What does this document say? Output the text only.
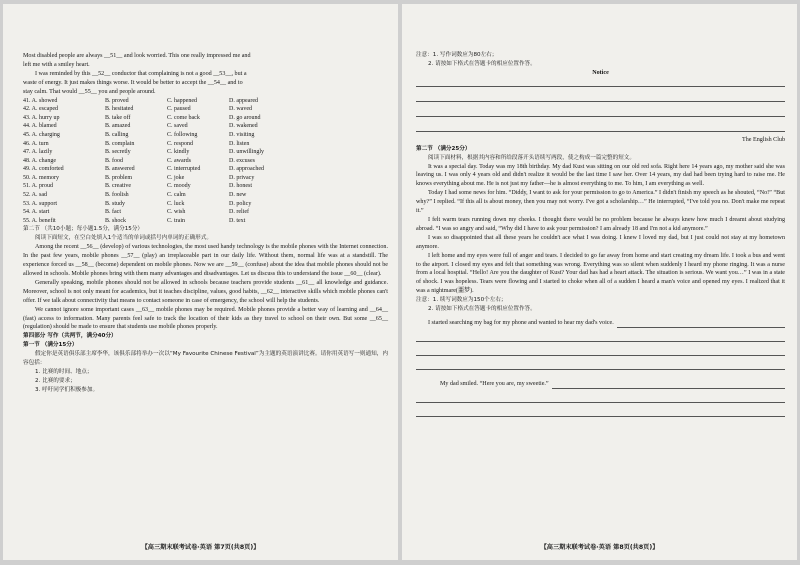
Most disabled people are always __51__ and look worried. This one really impressed me and

left me with a smiley heart.

I was reminded by this __52__ conductor that complaining is not a good __53__, but a

waste of energy. It just makes things worse. It would be better to accept the __54__ and to

stay calm. That would __55__ you and people around.

41. A. showed	B. proved	C. happened	D. appeared
42. A. escaped	B. hesitated	C. paused	D. waved
43. A. hurry up	B. take off	C. come back	D. go around
44. A. blamed	B. amazed	C. saved	D. wakened
45. A. charging	B. calling	C. following	D. visiting
46. A. turn	B. complain	C. respond	D. listen
47. A. lazily	B. secretly	C. kindly	D. unwillingly
48. A. change	B. food	C. awards	D. excuses
49. A. comforted	B. answered	C. interrupted	D. approached
50. A. memory	B. problem	C. joke	D. privacy
51. A. proud	B. creative	C. moody	D. honest
52. A. sad	B. foolish	C. calm	D. new
53. A. support	B. study	C. luck	D. policy
54. A. start	B. fact	C. wish	D. relief
55. A. benefit	B. shock	C. train	D. text

第二节 （共10小题；每小题1.5分，满分15分）

阅读下面短文，在空白处填入1个适当的单词或括号内单词的正确形式。

Among the recent __56__ (develop) of various technologies, the most used handy technology is the mobile phones with the Internet connection. In the past few years, mobile phones __57__ (play) an irreplaceable part in our daily life. Without them, normal life was at a standstill. The experience forced us __58__ (become) dependent on mobile phones. Now we are __59__ (confuse) about the idea that mobile phones should not be allowed in schools. Mobile phones bring with them many advantages and disadvantages. Let us discuss this to understand the issue __60__ (clear).

Generally speaking, mobile phones should not be allowed in schools because teachers provide students __61__ all knowledge and guidance. Moreover, school is not only meant for academics, but it teaches discipline, values, good habits, __62__ interactive skills which mobile phones can't offer. If we talk about connectivity that means to contact someone in case of emergency, the school will help the students.

We cannot ignore some important cases __63__ mobile phones may be required. Mobile phones provide a better way of learning and __64__ (fast) access to information. Many parents feel safe to track the location of their kids as they travel to school on their own. But some __65__ (regulation) should be made to ensure that students use mobile phones properly.

第四部分 写作（共两节，满分40分）

第一节 （满分15分）

假定你是英语俱乐部主席李华，该俱乐部将举办一次以“My Favourite Chinese Festival”为主题的英语演讲比赛。请你用英语写一则通知，内容包括：

1. 比赛的时间、地点；

2. 比赛的要求；

3. 呼吁同学们积极参加。

【高三期末联考试卷·英语 第7页(共8页)】

注意：1. 写作词数应为80左右；

2. 请按如下格式在答题卡的相应位置作答。

Notice

The English Club

第二节 （满分25分）

阅读下面材料，根据其内容和所给段落开头语续写两段，使之构成一篇完整的短文。

It was a special day. Today was my 18th birthday. My dad Kust was sitting on our old red sofa. Right here 14 years ago, my mother said she was leaving us. I was only 4 years old and didn't realize it would be the last time I saw her. Over 14 years, my dad had been trying hard to raise me. He knows everything about me. He is not just my father—he is almost everything to me. To him, I am everything as well.

Today I had some news for him. “Diddy, I want to ask for your permission to go to America.” I didn't finish my speech as he shouted, “No!” “But why?” I replied. “If this all is about money, then you may not worry. I've got a scholarship…” He interrupted, “I've told you no. Don't make me repeat it.”

I felt warm tears running down my cheeks. I thought there would be no problem because he always knew how much I dreamt about studying abroad. “I was so angry and said, “Why did I have to ask your permission? I am already 18 and I'm not a kid anymore.”

I was so disappointed that all these years he couldn't ace what I was doing. I knew I loved my dad, but I just could not stay at my hometown anymore.

I left home and my eyes were full of anger and tears. I decided to go far away from home and start creating my dream life. I took a bus and went to the airport. I closed my eyes and felt that something was wrong. Everything was so silent when suddenly I heard my phone ringing. It was a nurse from a local hospital. “Hello! Are you the daughter of Kust? Your dad has had a heart attack. The situation is serious. We want you…” I was in a state of shock. I was hopeless. Tears were flowing and I started to choke when all of a sudden I heard a man's voice and opened my eyes. I realized that it was a nightmare(噩梦).

注意：1. 续写词数应为150个左右；

2. 请按如下格式在答题卡的相应位置作答。

I started searching my bag for my phone and wanted to hear my dad's voice.
My dad smiled. “Here you are, my sweetie.”
【高三期末联考试卷·英语 第8页(共8页)】
